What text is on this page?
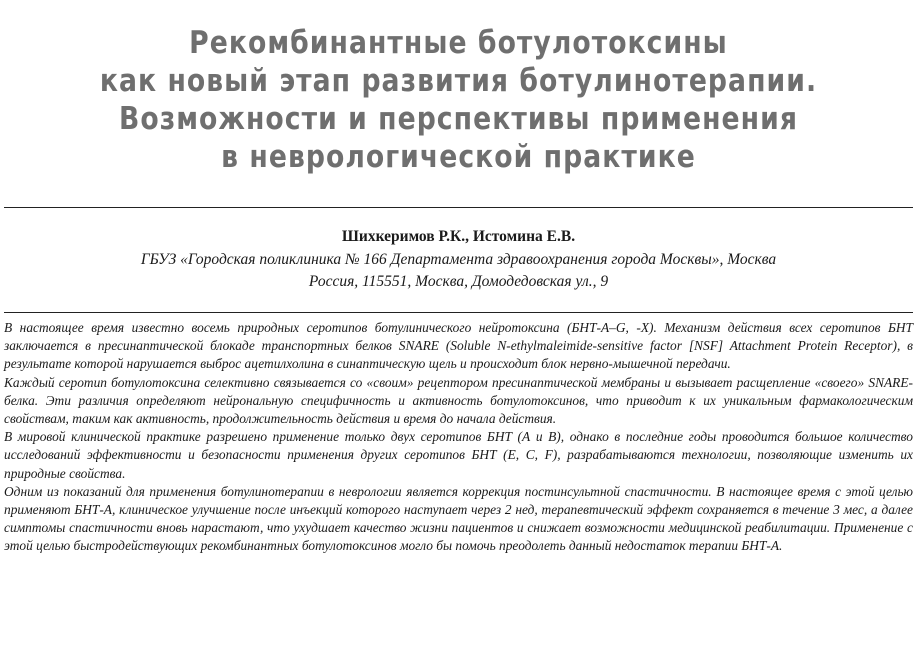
Рекомбинантные ботулотоксины
как новый этап развития ботулинотерапии.
Возможности и перспективы применения
в неврологической практике
Шихкеримов Р.К., Истомина Е.В.
ГБУЗ «Городская поликлиника № 166 Департамента здравоохранения города Москвы», Москва
Россия, 115551, Москва, Домодедовская ул., 9

В настоящее время известно восемь природных серотипов ботулинического нейротоксина (БНТ-А–G, -X). Механизм действия всех серотипов БНТ заключается в пресинаптической блокаде транспортных белков SNARE (Soluble N-ethylmaleimide-sensitive factor [NSF] Attachment Protein Receptor), в результате которой нарушается выброс ацетилхолина в синаптическую щель и происходит блок нервно-мышечной передачи.

Каждый серотип ботулотоксина селективно связывается со «своим» рецептором пресинаптической мембраны и вызывает расщепление «своего» SNARE-белка. Эти различия определяют нейрональную специфичность и активность ботулотоксинов, что приводит к их уникальным фармакологическим свойствам, таким как активность, продолжительность действия и время до начала действия.

В мировой клинической практике разрешено применение только двух серотипов БНТ (А и В), однако в последние годы проводится большое количество исследований эффективности и безопасности применения других серотипов БНТ (E, C, F), разрабатываются технологии, позволяющие изменить их природные свойства.

Одним из показаний для применения ботулинотерапии в неврологии является коррекция постинсультной спастичности. В настоящее время с этой целью применяют БНТ-А, клиническое улучшение после инъекций которого наступает через 2 нед, терапевтический эффект сохраняется в течение 3 мес, а далее симптомы спастичности вновь нарастают, что ухудшает качество жизни пациентов и снижает возможности медицинской реабилитации. Применение с этой целью быстродействующих рекомбинантных ботулотоксинов могло бы помочь преодолеть данный недостаток терапии БНТ-А.
